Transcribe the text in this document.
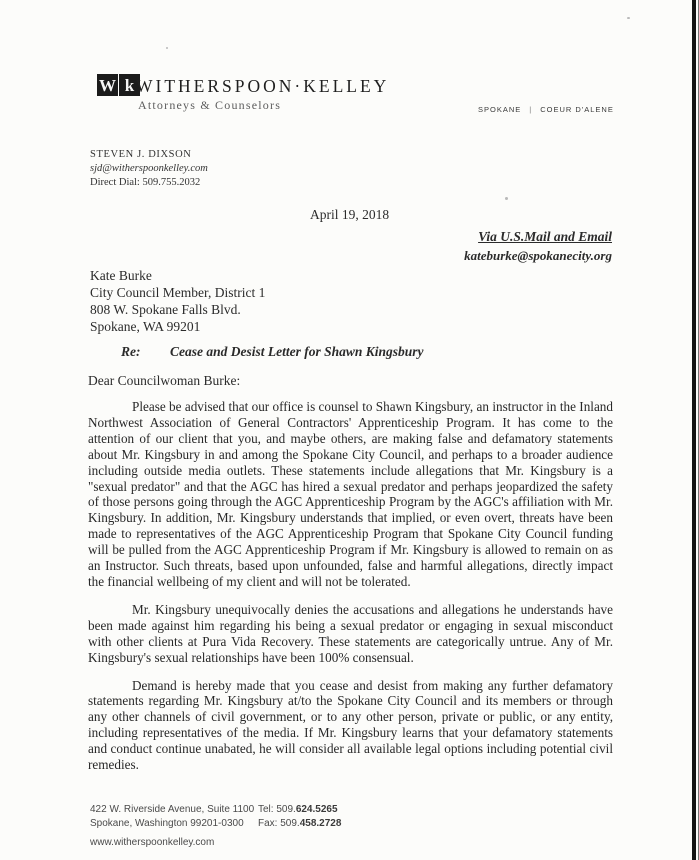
W k WITHERSPOON·KELLEY
Attorneys & Counselors	SPOKANE | COEUR D'ALENE
STEVEN J. DIXSON
sjd@witherspoonkelley.com
Direct Dial: 509.755.2032
April 19, 2018
Via U.S.Mail and Email
kateburke@spokanecity.org
Kate Burke
City Council Member, District 1
808 W. Spokane Falls Blvd.
Spokane, WA 99201
Re:	Cease and Desist Letter for Shawn Kingsbury
Dear Councilwoman Burke:

Please be advised that our office is counsel to Shawn Kingsbury, an instructor in the Inland Northwest Association of General Contractors' Apprenticeship Program. It has come to the attention of our client that you, and maybe others, are making false and defamatory statements about Mr. Kingsbury in and among the Spokane City Council, and perhaps to a broader audience including outside media outlets. These statements include allegations that Mr. Kingsbury is a "sexual predator" and that the AGC has hired a sexual predator and perhaps jeopardized the safety of those persons going through the AGC Apprenticeship Program by the AGC's affiliation with Mr. Kingsbury. In addition, Mr. Kingsbury understands that implied, or even overt, threats have been made to representatives of the AGC Apprenticeship Program that Spokane City Council funding will be pulled from the AGC Apprenticeship Program if Mr. Kingsbury is allowed to remain on as an Instructor. Such threats, based upon unfounded, false and harmful allegations, directly impact the financial wellbeing of my client and will not be tolerated.

Mr. Kingsbury unequivocally denies the accusations and allegations he understands have been made against him regarding his being a sexual predator or engaging in sexual misconduct with other clients at Pura Vida Recovery. These statements are categorically untrue. Any of Mr. Kingsbury's sexual relationships have been 100% consensual.

Demand is hereby made that you cease and desist from making any further defamatory statements regarding Mr. Kingsbury at/to the Spokane City Council and its members or through any other channels of civil government, or to any other person, private or public, or any entity, including representatives of the media. If Mr. Kingsbury learns that your defamatory statements and conduct continue unabated, he will consider all available legal options including potential civil remedies.

422 W. Riverside Avenue, Suite 1100 Tel: 509.624.5265
Spokane, Washington 99201-0300	Fax: 509.458.2728
www.witherspoonkelley.com
